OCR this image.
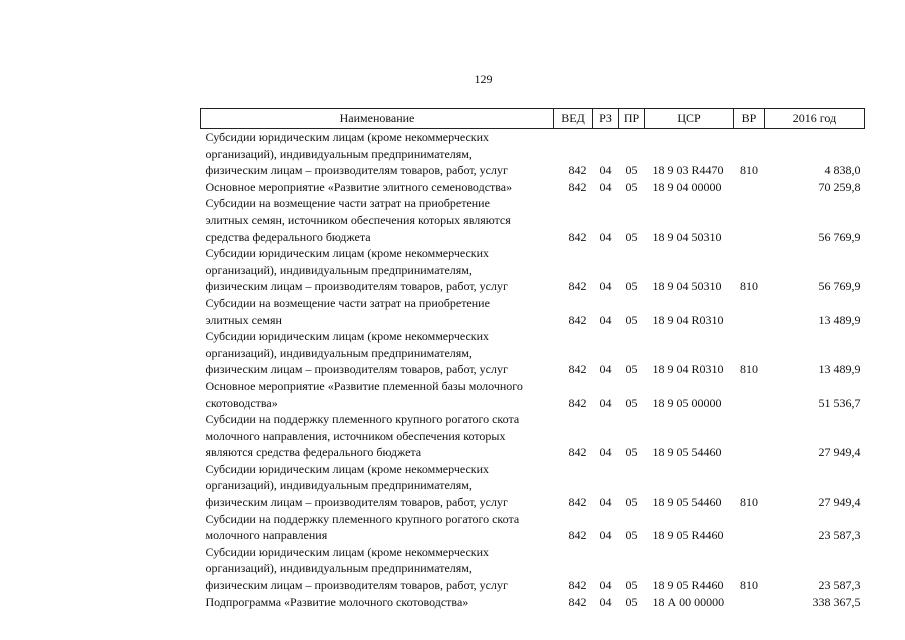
129
Наименование	ВЕД	РЗ	ПР	ЦСР	ВР	2016 год

Субсидии юридическим лицам (кроме некоммерческих
организаций), индивидуальным предпринимателям,
физическим лицам – производителям товаров, работ, услуг	842	04	05	18 9 03 R4470	810	4 838,0

Основное мероприятие «Развитие элитного семеноводства»	842	04	05	18 9 04 00000		70 259,8

Субсидии на возмещение части затрат на приобретение
элитных семян, источником обеспечения которых являются
средства федерального бюджета	842	04	05	18 9 04 50310		56 769,9

Субсидии юридическим лицам (кроме некоммерческих
организаций), индивидуальным предпринимателям,
физическим лицам – производителям товаров, работ, услуг	842	04	05	18 9 04 50310	810	56 769,9

Субсидии на возмещение части затрат на приобретение
элитных семян	842	04	05	18 9 04 R0310		13 489,9

Субсидии юридическим лицам (кроме некоммерческих
организаций), индивидуальным предпринимателям,
физическим лицам – производителям товаров, работ, услуг	842	04	05	18 9 04 R0310	810	13 489,9

Основное мероприятие «Развитие племенной базы молочного
скотоводства»	842	04	05	18 9 05 00000		51 536,7

Субсидии на поддержку племенного крупного рогатого скота
молочного направления, источником обеспечения которых
являются средства федерального бюджета	842	04	05	18 9 05 54460		27 949,4

Субсидии юридическим лицам (кроме некоммерческих
организаций), индивидуальным предпринимателям,
физическим лицам – производителям товаров, работ, услуг	842	04	05	18 9 05 54460	810	27 949,4

Субсидии на поддержку племенного крупного рогатого скота
молочного направления	842	04	05	18 9 05 R4460		23 587,3

Субсидии юридическим лицам (кроме некоммерческих
организаций), индивидуальным предпринимателям,
физическим лицам – производителям товаров, работ, услуг	842	04	05	18 9 05 R4460	810	23 587,3

Подпрограмма «Развитие молочного скотоводства»	842	04	05	18 А 00 00000		338 367,5
